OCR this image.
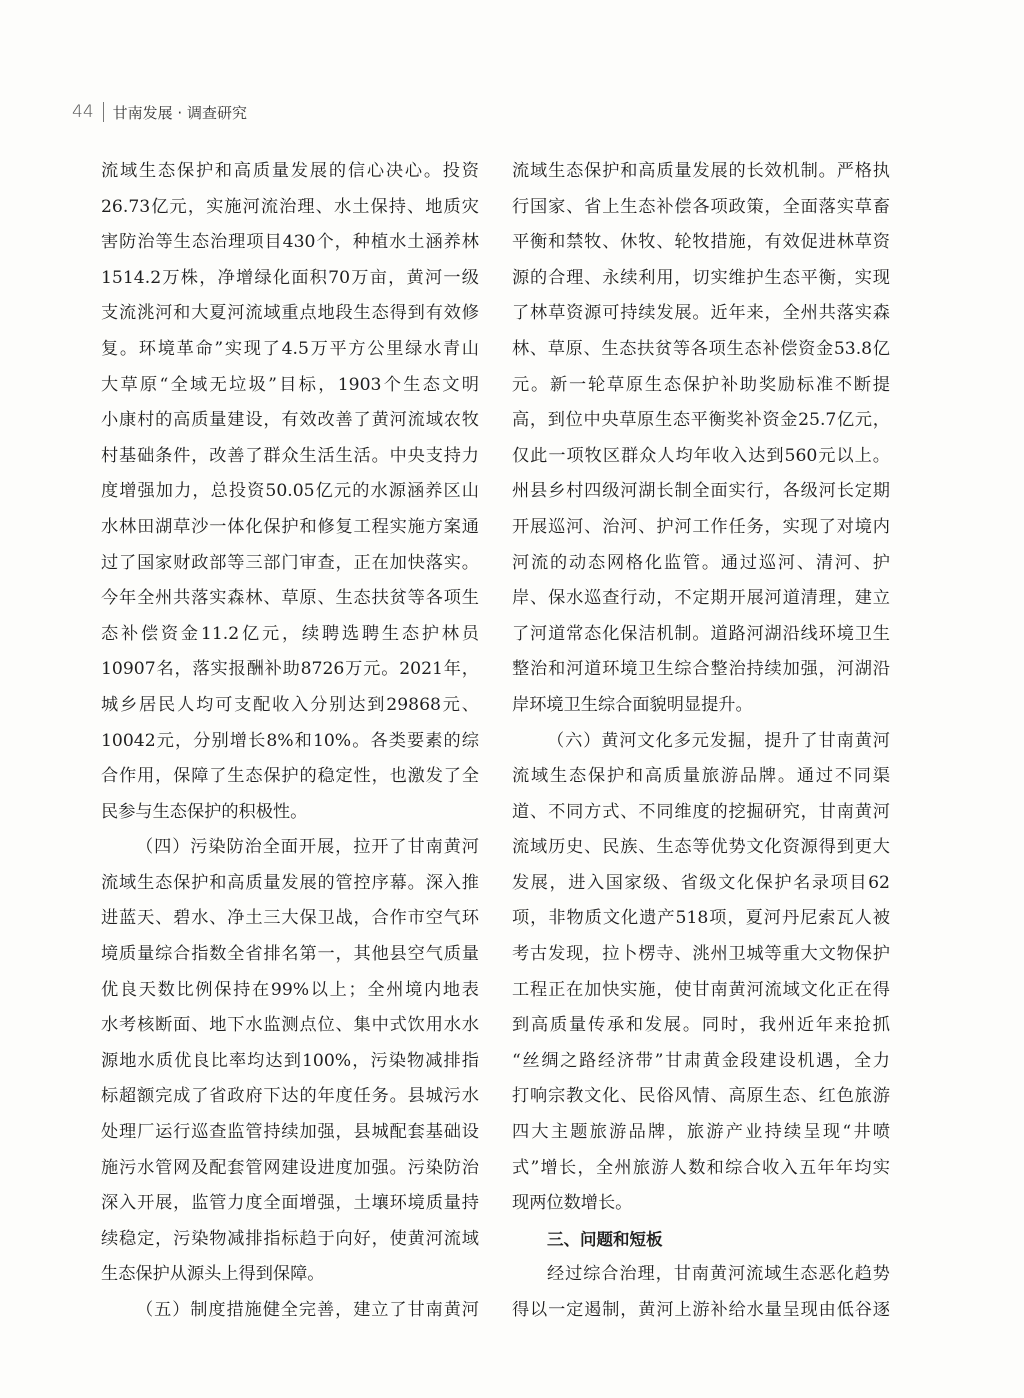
44 甘南发展 · 调查研究
流域生态保护和高质量发展的信心决心。投资
26.73亿元，实施河流治理、水土保持、地质灾
害防治等生态治理项目430个，种植水土涵养林
1514.2万株，净增绿化面积70万亩，黄河一级
支流洮河和大夏河流域重点地段生态得到有效修
复。环境革命”实现了4.5万平方公里绿水青山
大草原“全域无垃圾”目标，1903个生态文明
小康村的高质量建设，有效改善了黄河流域农牧
村基础条件，改善了群众生活生活。中央支持力
度增强加力，总投资50.05亿元的水源涵养区山
水林田湖草沙一体化保护和修复工程实施方案通
过了国家财政部等三部门审查，正在加快落实。
今年全州共落实森林、草原、生态扶贫等各项生
态补偿资金11.2亿元，续聘选聘生态护林员
10907名，落实报酬补助8726万元。2021年，
城乡居民人均可支配收入分别达到29868元、
10042元，分别增长8%和10%。各类要素的综
合作用，保障了生态保护的稳定性，也激发了全
民参与生态保护的积极性。
（四）污染防治全面开展，拉开了甘南黄河
流域生态保护和高质量发展的管控序幕。深入推
进蓝天、碧水、净土三大保卫战，合作市空气环
境质量综合指数全省排名第一，其他县空气质量
优良天数比例保持在99%以上；全州境内地表
水考核断面、地下水监测点位、集中式饮用水水
源地水质优良比率均达到100%，污染物减排指
标超额完成了省政府下达的年度任务。县城污水
处理厂运行巡查监管持续加强，县城配套基础设
施污水管网及配套管网建设进度加强。污染防治
深入开展，监管力度全面增强，土壤环境质量持
续稳定，污染物减排指标趋于向好，使黄河流域
生态保护从源头上得到保障。
（五）制度措施健全完善，建立了甘南黄河
流域生态保护和高质量发展的长效机制。严格执
行国家、省上生态补偿各项政策，全面落实草畜
平衡和禁牧、休牧、轮牧措施，有效促进林草资
源的合理、永续利用，切实维护生态平衡，实现
了林草资源可持续发展。近年来，全州共落实森
林、草原、生态扶贫等各项生态补偿资金53.8亿
元。新一轮草原生态保护补助奖励标准不断提
高，到位中央草原生态平衡奖补资金25.7亿元，
仅此一项牧区群众人均年收入达到560元以上。
州县乡村四级河湖长制全面实行，各级河长定期
开展巡河、治河、护河工作任务，实现了对境内
河流的动态网格化监管。通过巡河、清河、护
岸、保水巡查行动，不定期开展河道清理，建立
了河道常态化保洁机制。道路河湖沿线环境卫生
整治和河道环境卫生综合整治持续加强，河湖沿
岸环境卫生综合面貌明显提升。
（六）黄河文化多元发掘，提升了甘南黄河
流域生态保护和高质量旅游品牌。通过不同渠
道、不同方式、不同维度的挖掘研究，甘南黄河
流域历史、民族、生态等优势文化资源得到更大
发展，进入国家级、省级文化保护名录项目62
项，非物质文化遗产518项，夏河丹尼索瓦人被
考古发现，拉卜楞寺、洮州卫城等重大文物保护
工程正在加快实施，使甘南黄河流域文化正在得
到高质量传承和发展。同时，我州近年来抢抓
“丝绸之路经济带”甘肃黄金段建设机遇，全力
打响宗教文化、民俗风情、高原生态、红色旅游
四大主题旅游品牌，旅游产业持续呈现“井喷
式”增长，全州旅游人数和综合收入五年年均实
现两位数增长。
三、问题和短板
经过综合治理，甘南黄河流域生态恶化趋势
得以一定遏制，黄河上游补给水量呈现由低谷逐
